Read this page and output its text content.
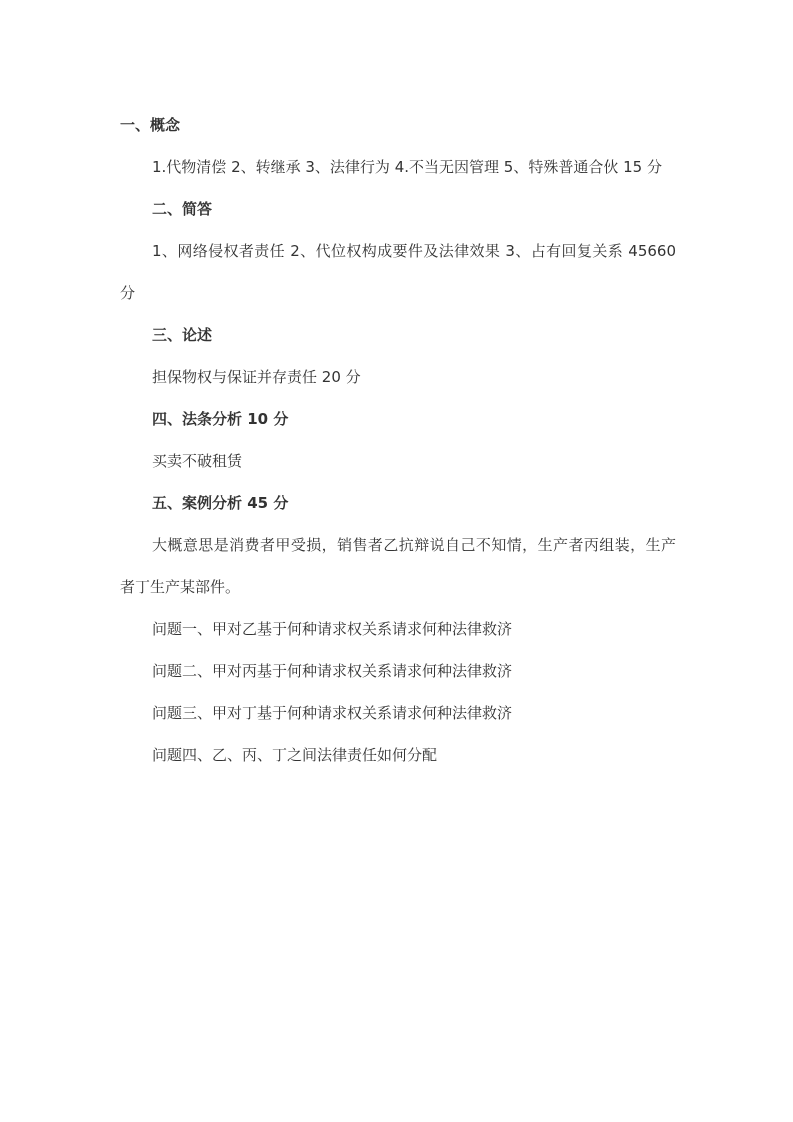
一、概念

1.代物清偿 2、转继承 3、法律行为 4.不当无因管理 5、特殊普通合伙 15 分

二、简答

1、网络侵权者责任 2、代位权构成要件及法律效果 3、占有回复关系 45660 分

三、论述

担保物权与保证并存责任 20 分

四、法条分析 10 分

买卖不破租赁

五、案例分析 45 分

大概意思是消费者甲受损，销售者乙抗辩说自己不知情，生产者丙组装，生产者丁生产某部件。

问题一、甲对乙基于何种请求权关系请求何种法律救济

问题二、甲对丙基于何种请求权关系请求何种法律救济

问题三、甲对丁基于何种请求权关系请求何种法律救济

问题四、乙、丙、丁之间法律责任如何分配
